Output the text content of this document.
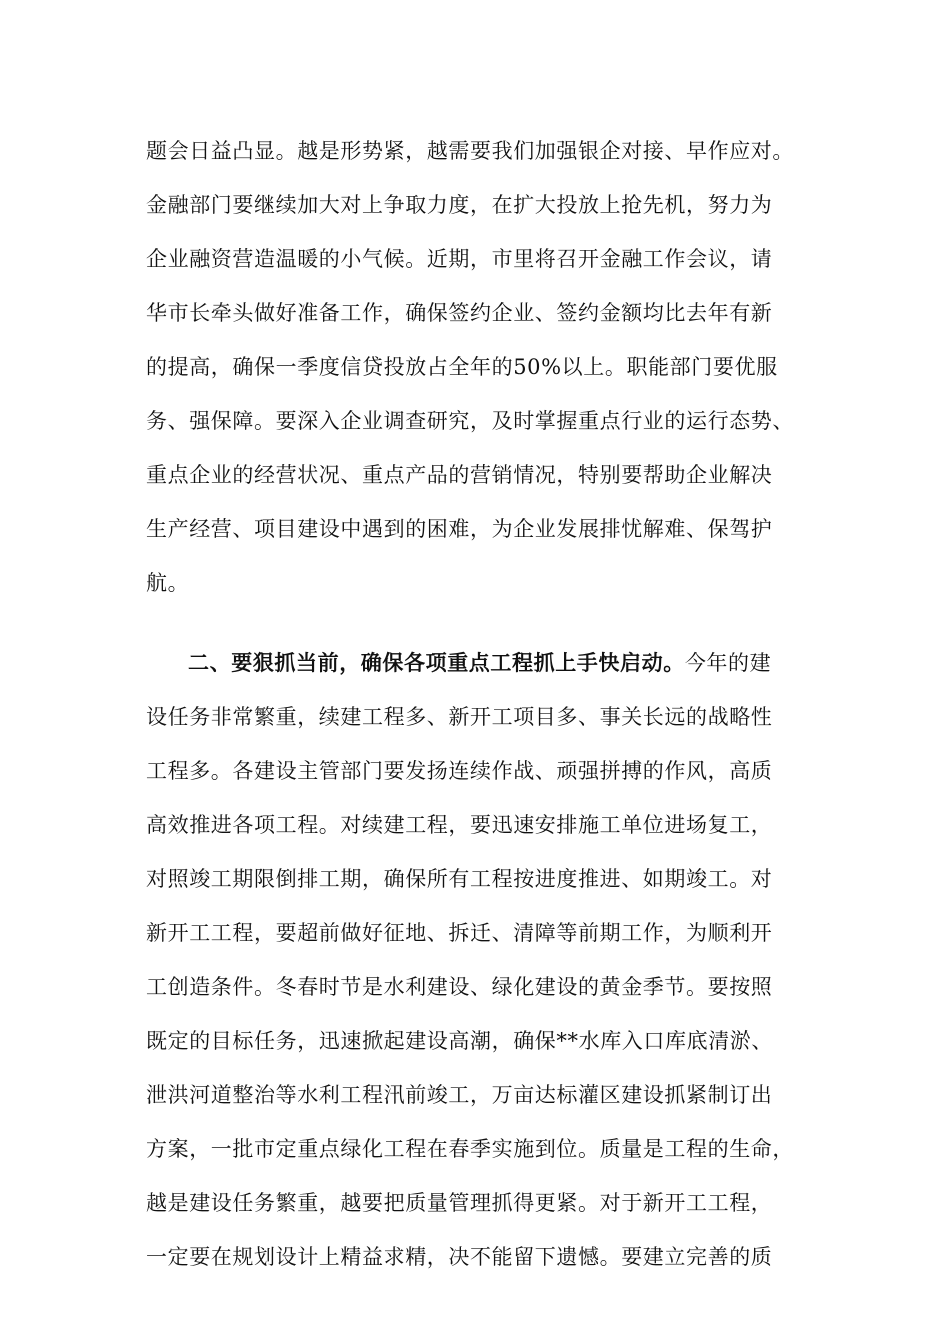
题会日益凸显。越是形势紧，越需要我们加强银企对接、早作应对。
金融部门要继续加大对上争取力度，在扩大投放上抢先机，努力为
企业融资营造温暖的小气候。近期，市里将召开金融工作会议，请
华市长牵头做好准备工作，确保签约企业、签约金额均比去年有新
的提高，确保一季度信贷投放占全年的50%以上。职能部门要优服
务、强保障。要深入企业调查研究，及时掌握重点行业的运行态势、
重点企业的经营状况、重点产品的营销情况，特别要帮助企业解决
生产经营、项目建设中遇到的困难，为企业发展排忧解难、保驾护
航。
二、要狠抓当前，确保各项重点工程抓上手快启动。今年的建
设任务非常繁重，续建工程多、新开工项目多、事关长远的战略性
工程多。各建设主管部门要发扬连续作战、顽强拼搏的作风，高质
高效推进各项工程。对续建工程，要迅速安排施工单位进场复工，
对照竣工期限倒排工期，确保所有工程按进度推进、如期竣工。对
新开工工程，要超前做好征地、拆迁、清障等前期工作，为顺利开
工创造条件。冬春时节是水利建设、绿化建设的黄金季节。要按照
既定的目标任务，迅速掀起建设高潮，确保**水库入口库底清淤、
泄洪河道整治等水利工程汛前竣工，万亩达标灌区建设抓紧制订出
方案，一批市定重点绿化工程在春季实施到位。质量是工程的生命，
越是建设任务繁重，越要把质量管理抓得更紧。对于新开工工程，
一定要在规划设计上精益求精，决不能留下遗憾。要建立完善的质
